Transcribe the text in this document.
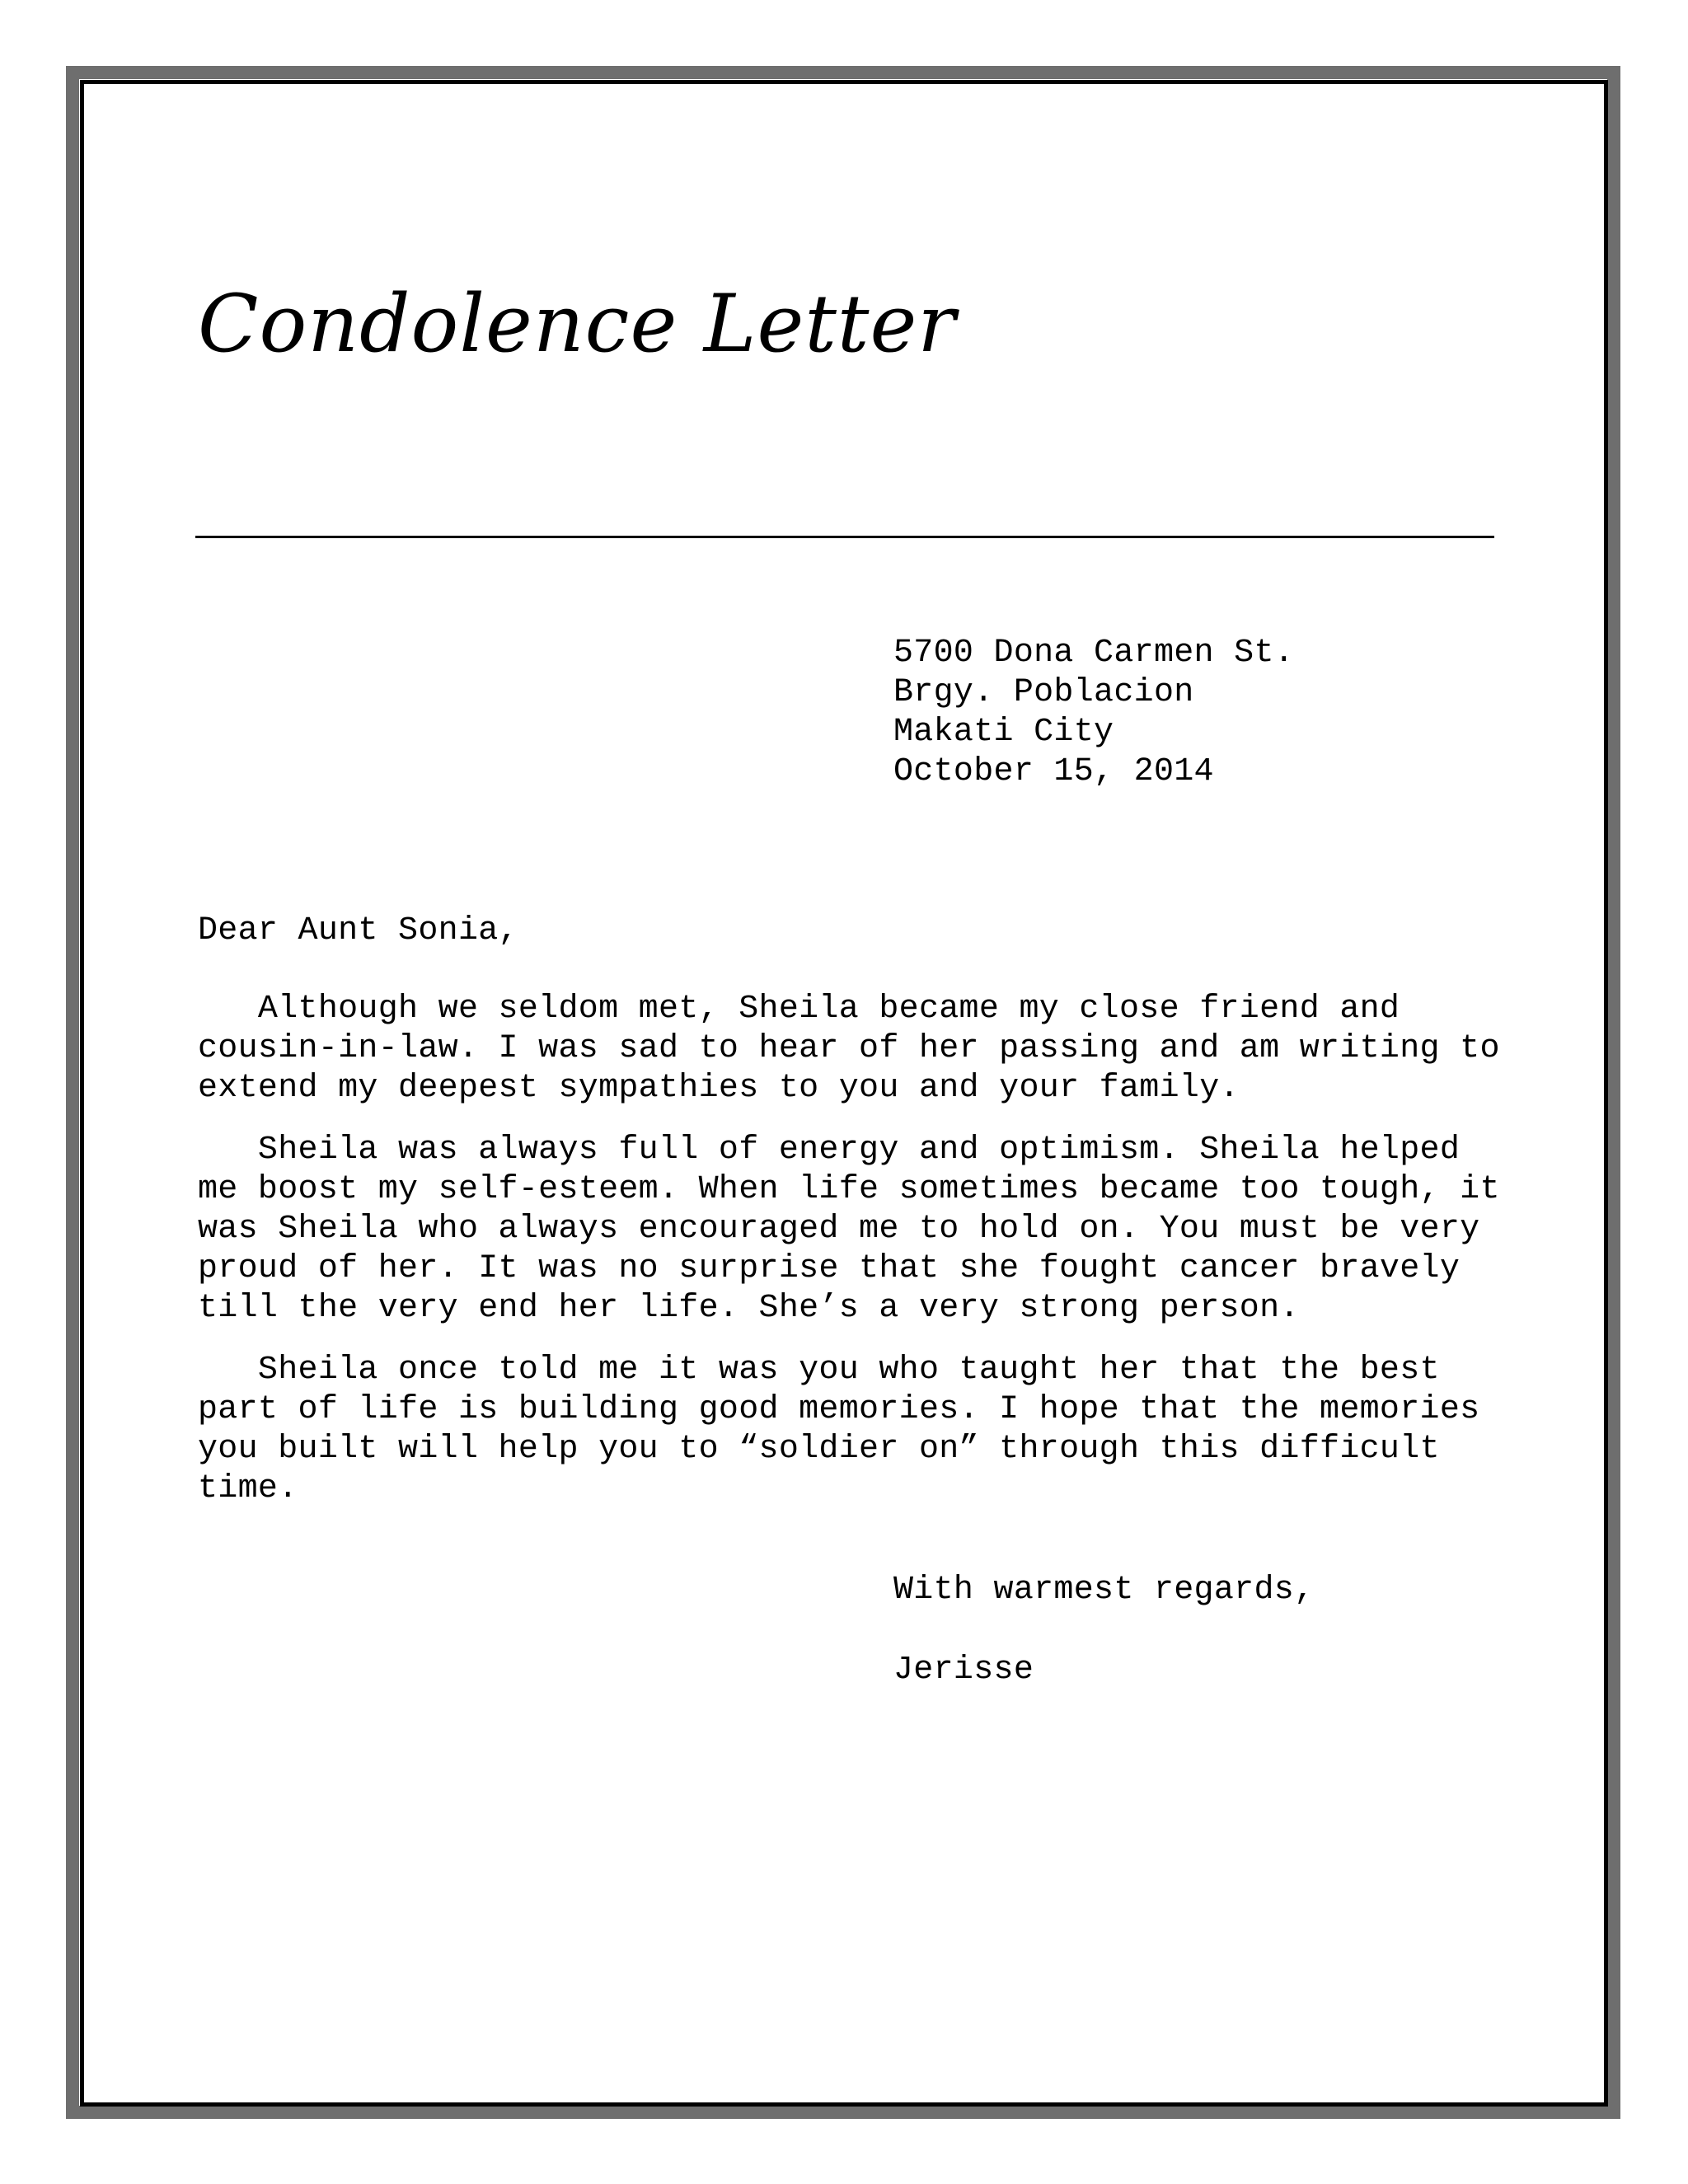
Condolence Letter
5700 Dona Carmen St.
Brgy. Poblacion
Makati City
October 15, 2014
Dear Aunt Sonia,

Although we seldom met, Sheila became my close friend and
cousin-in-law. I was sad to hear of her passing and am writing to
extend my deepest sympathies to you and your family.

Sheila was always full of energy and optimism. Sheila helped
me boost my self-esteem. When life sometimes became too tough, it
was Sheila who always encouraged me to hold on. You must be very
proud of her. It was no surprise that she fought cancer bravely
till the very end her life. She’s a very strong person.

Sheila once told me it was you who taught her that the best
part of life is building good memories. I hope that the memories
you built will help you to “soldier on” through this difficult
time.

With warmest regards,
Jerisse
